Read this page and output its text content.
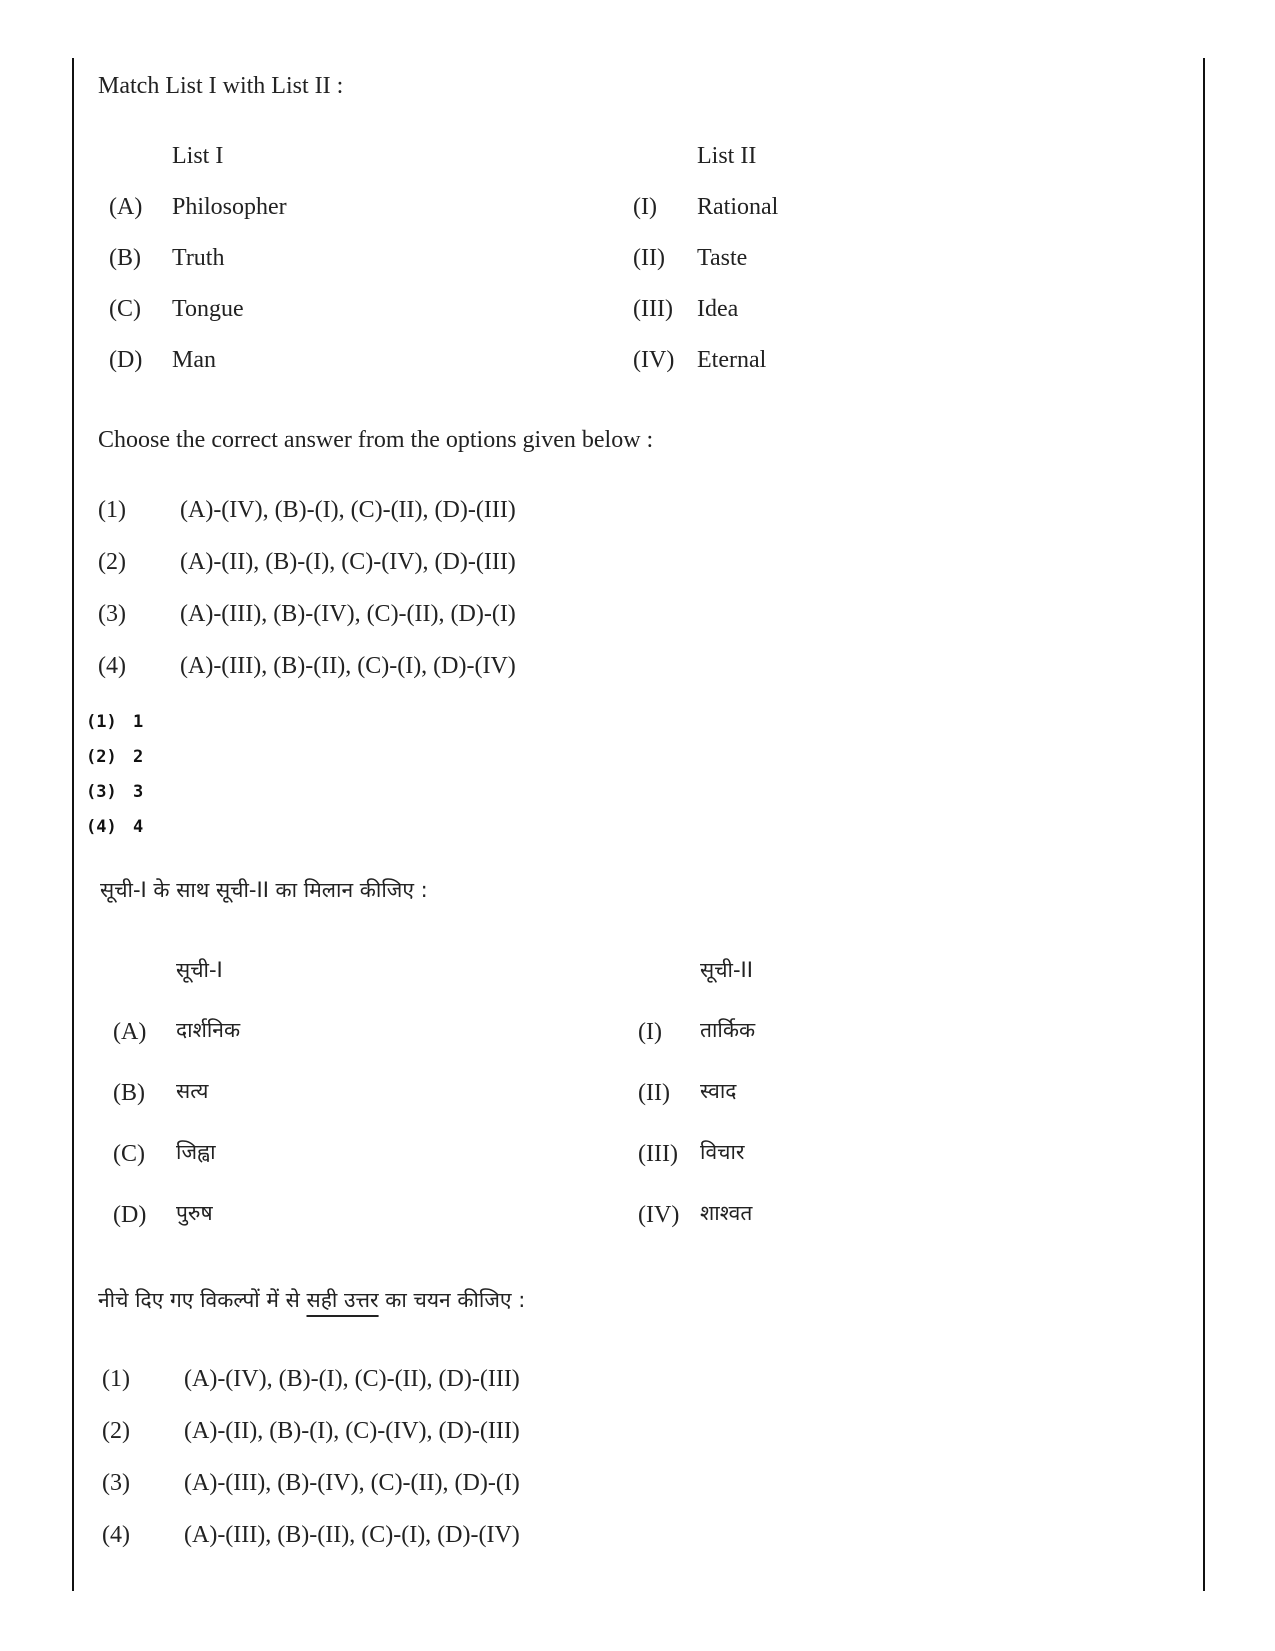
Match List I with List II :
List I	List II
(A) Philosopher	(I) Rational
(B) Truth	(II) Taste
(C) Tongue	(III) Idea
(D) Man	(IV) Eternal
Choose the correct answer from the options given below :
(1) (A)-(IV), (B)-(I), (C)-(II), (D)-(III)
(2) (A)-(II), (B)-(I), (C)-(IV), (D)-(III)
(3) (A)-(III), (B)-(IV), (C)-(II), (D)-(I)
(4) (A)-(III), (B)-(II), (C)-(I), (D)-(IV)
(1) 1
(2) 2
(3) 3
(4) 4
सूची-I के साथ सूची-II का मिलान कीजिए :
सूची-I	सूची-II
(A) दार्शनिक	(I) तार्किक
(B) सत्य	(II) स्वाद
(C) जिह्वा	(III) विचार
(D) पुरुष	(IV) शाश्वत
नीचे दिए गए विकल्पों में से सही उत्तर का चयन कीजिए :
(1) (A)-(IV), (B)-(I), (C)-(II), (D)-(III)
(2) (A)-(II), (B)-(I), (C)-(IV), (D)-(III)
(3) (A)-(III), (B)-(IV), (C)-(II), (D)-(I)
(4) (A)-(III), (B)-(II), (C)-(I), (D)-(IV)
